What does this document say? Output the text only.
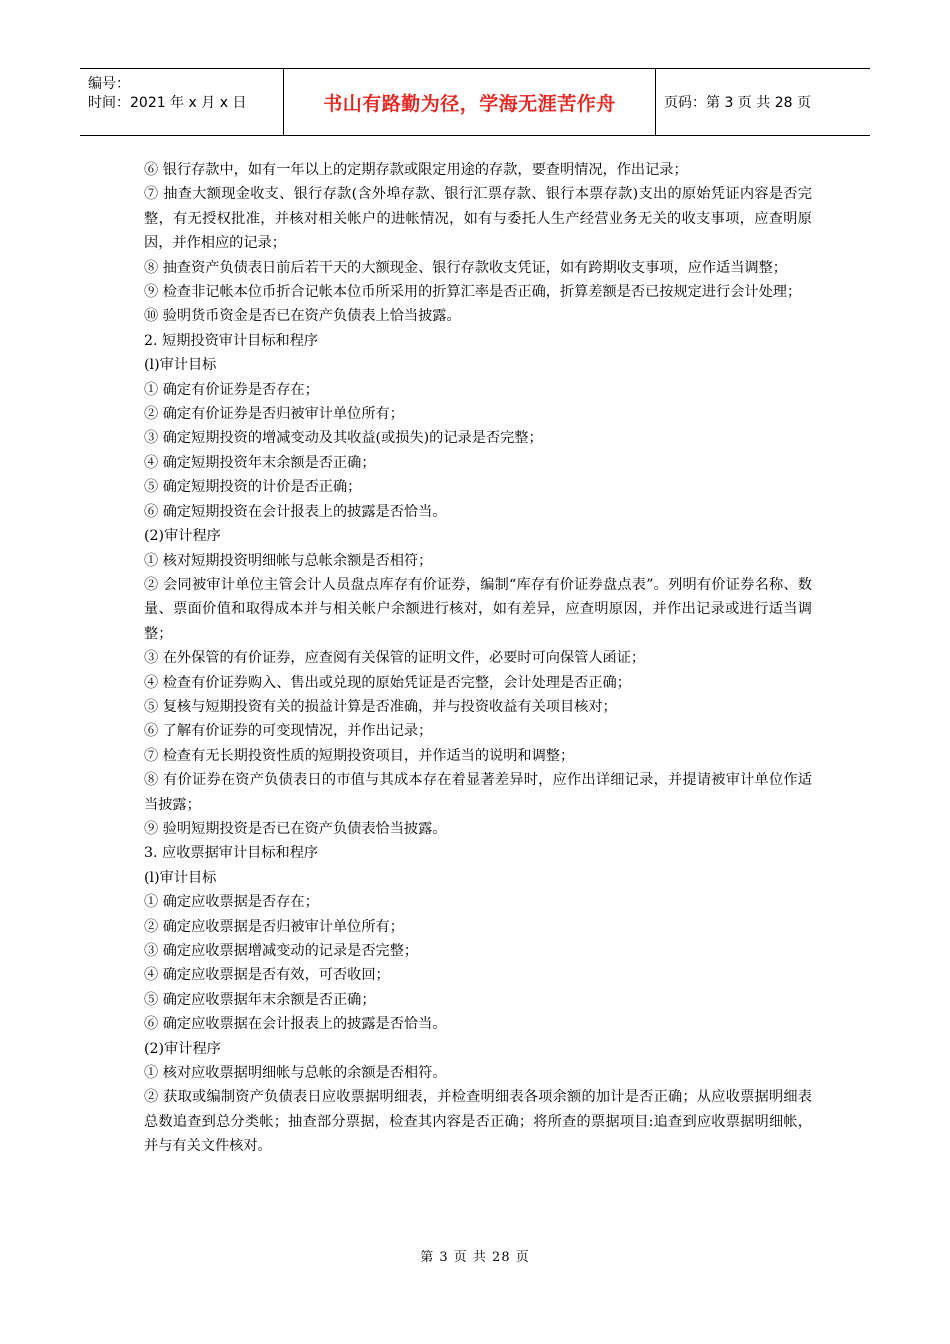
编号：
时间：2021 年 x 月 x 日	书山有路勤为径，学海无涯苦作舟	页码：第 3 页 共 28 页

⑥ 银行存款中，如有一年以上的定期存款或限定用途的存款，要查明情况，作出记录；

⑦ 抽查大额现金收支、银行存款(含外埠存款、银行汇票存款、银行本票存款)支出的原始凭证内容是否完整，有无授权批准，并核对相关帐户的进帐情况，如有与委托人生产经营业务无关的收支事项，应查明原因，并作相应的记录；

⑧ 抽查资产负债表日前后若干天的大额现金、银行存款收支凭证，如有跨期收支事项，应作适当调整；

⑨ 检查非记帐本位币折合记帐本位币所采用的折算汇率是否正确，折算差额是否已按规定进行会计处理；

⑩ 验明货币资金是否已在资产负债表上恰当披露。

2. 短期投资审计目标和程序

(l)审计目标

① 确定有价证券是否存在；

② 确定有价证券是否归被审计单位所有；

③ 确定短期投资的增减变动及其收益(或损失)的记录是否完整；

④ 确定短期投资年末余额是否正确；

⑤ 确定短期投资的计价是否正确；

⑥ 确定短期投资在会计报表上的披露是否恰当。

(2)审计程序

① 核对短期投资明细帐与总帐余额是否相符；

② 会同被审计单位主管会计人员盘点库存有价证券，编制“库存有价证券盘点表”。列明有价证券名称、数量、票面价值和取得成本并与相关帐户余额进行核对，如有差异，应查明原因，并作出记录或进行适当调整；

③ 在外保管的有价证券，应查阅有关保管的证明文件，必要时可向保管人函证；

④ 检查有价证券购入、售出或兑现的原始凭证是否完整，会计处理是否正确；

⑤ 复核与短期投资有关的损益计算是否准确，并与投资收益有关项目核对；

⑥ 了解有价证券的可变现情况，并作出记录；

⑦ 检查有无长期投资性质的短期投资项目，并作适当的说明和调整；

⑧ 有价证券在资产负债表日的市值与其成本存在着显著差异时，应作出详细记录，并提请被审计单位作适当披露；

⑨ 验明短期投资是否已在资产负债表恰当披露。

3. 应收票据审计目标和程序

(l)审计目标

① 确定应收票据是否存在；

② 确定应收票据是否归被审计单位所有；

③ 确定应收票据增减变动的记录是否完整；

④ 确定应收票据是否有效，可否收回；

⑤ 确定应收票据年末余额是否正确；

⑥ 确定应收票据在会计报表上的披露是否恰当。

(2)审计程序

① 核对应收票据明细帐与总帐的余额是否相符。

② 获取或编制资产负债表日应收票据明细表，并检查明细表各项余额的加计是否正确；从应收票据明细表总数追查到总分类帐；抽查部分票据，检查其内容是否正确；将所查的票据项目:追查到应收票据明细帐，并与有关文件核对。

第 3 页 共 28 页
